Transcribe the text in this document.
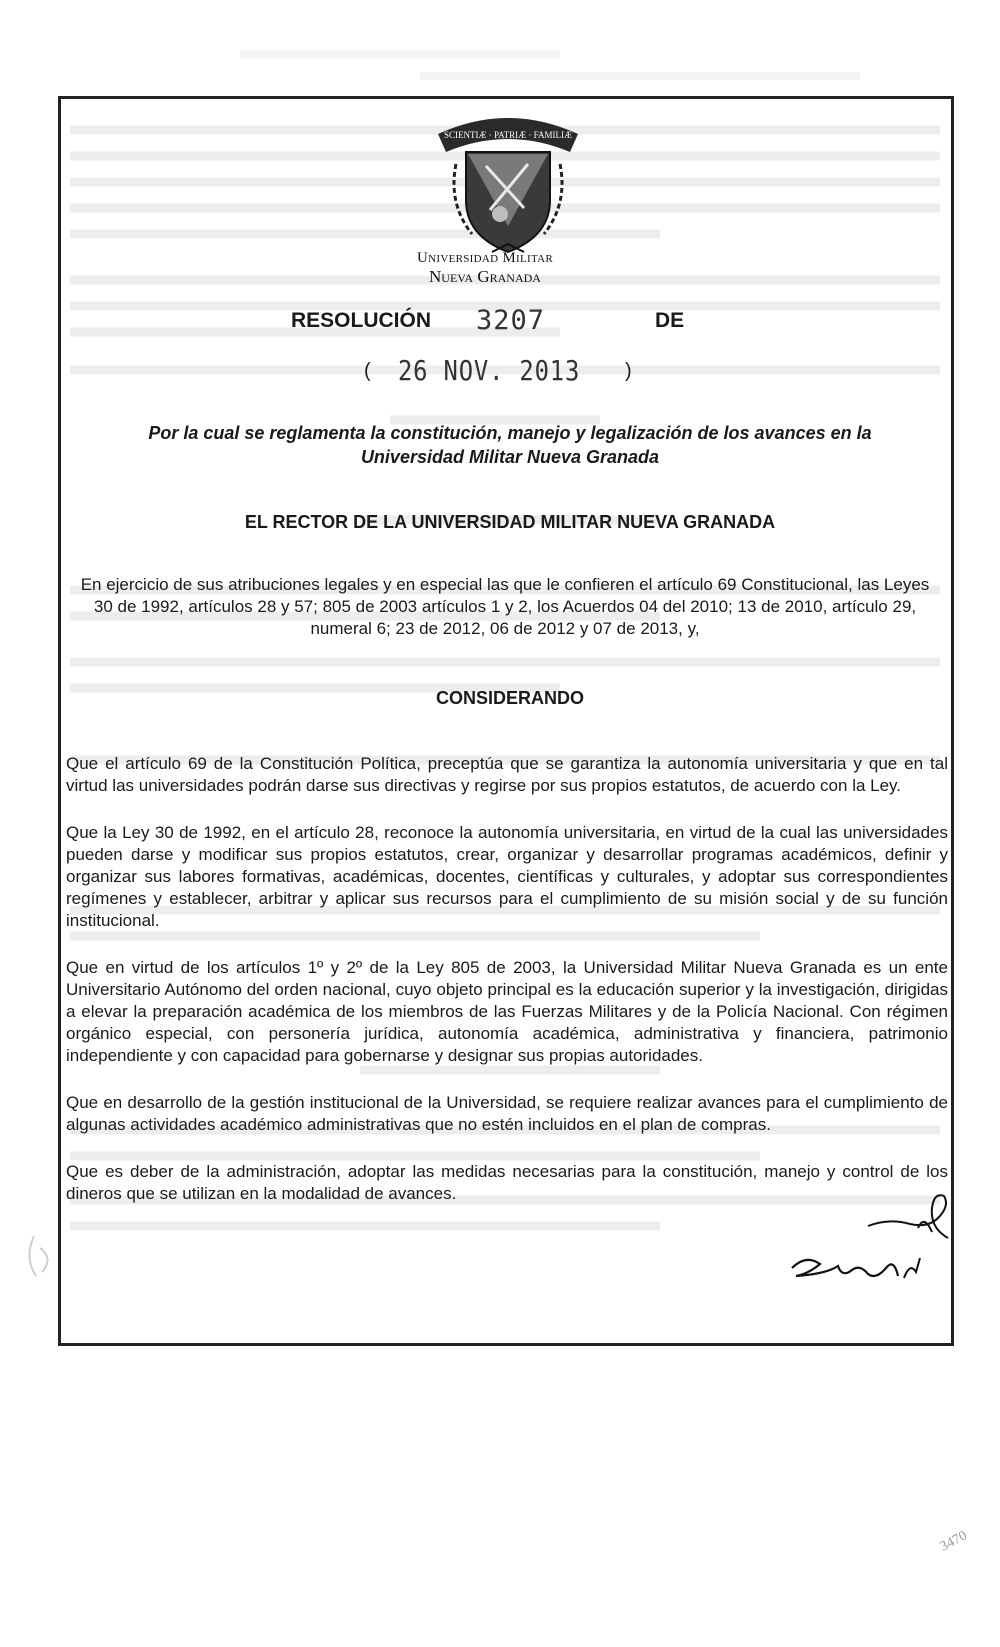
SCIENTIÆ · PATRIÆ · FAMILIÆ
Universidad Militar
Nueva Granada
RESOLUCIÓN 3207	DE
( 26 NOV. 2013 )
Por la cual se reglamenta la constitución, manejo y legalización de los avances en la Universidad Militar Nueva Granada
EL RECTOR DE LA UNIVERSIDAD MILITAR NUEVA GRANADA
En ejercicio de sus atribuciones legales y en especial las que le confieren el artículo 69 Constitucional, las Leyes 30 de 1992, artículos 28 y 57; 805 de 2003 artículos 1 y 2, los Acuerdos 04 del 2010; 13 de 2010, artículo 29, numeral 6; 23 de 2012, 06 de 2012 y 07 de 2013, y,
CONSIDERANDO

Que el artículo 69 de la Constitución Política, preceptúa que se garantiza la autonomía universitaria y que en tal virtud las universidades podrán darse sus directivas y regirse por sus propios estatutos, de acuerdo con la Ley.

Que la Ley 30 de 1992, en el artículo 28, reconoce la autonomía universitaria, en virtud de la cual las universidades pueden darse y modificar sus propios estatutos, crear, organizar y desarrollar programas académicos, definir y organizar sus labores formativas, académicas, docentes, científicas y culturales, y adoptar sus correspondientes regímenes y establecer, arbitrar y aplicar sus recursos para el cumplimiento de su misión social y de su función institucional.

Que en virtud de los artículos 1º y 2º de la Ley 805 de 2003, la Universidad Militar Nueva Granada es un ente Universitario Autónomo del orden nacional, cuyo objeto principal es la educación superior y la investigación, dirigidas a elevar la preparación académica de los miembros de las Fuerzas Militares y de la Policía Nacional. Con régimen orgánico especial, con personería jurídica, autonomía académica, administrativa y financiera, patrimonio independiente y con capacidad para gobernarse y designar sus propias autoridades.

Que en desarrollo de la gestión institucional de la Universidad, se requiere realizar avances para el cumplimiento de algunas actividades académico administrativas que no estén incluidos en el plan de compras.

Que es deber de la administración, adoptar las medidas necesarias para la constitución, manejo y control de los dineros que se utilizan en la modalidad de avances.

3470
